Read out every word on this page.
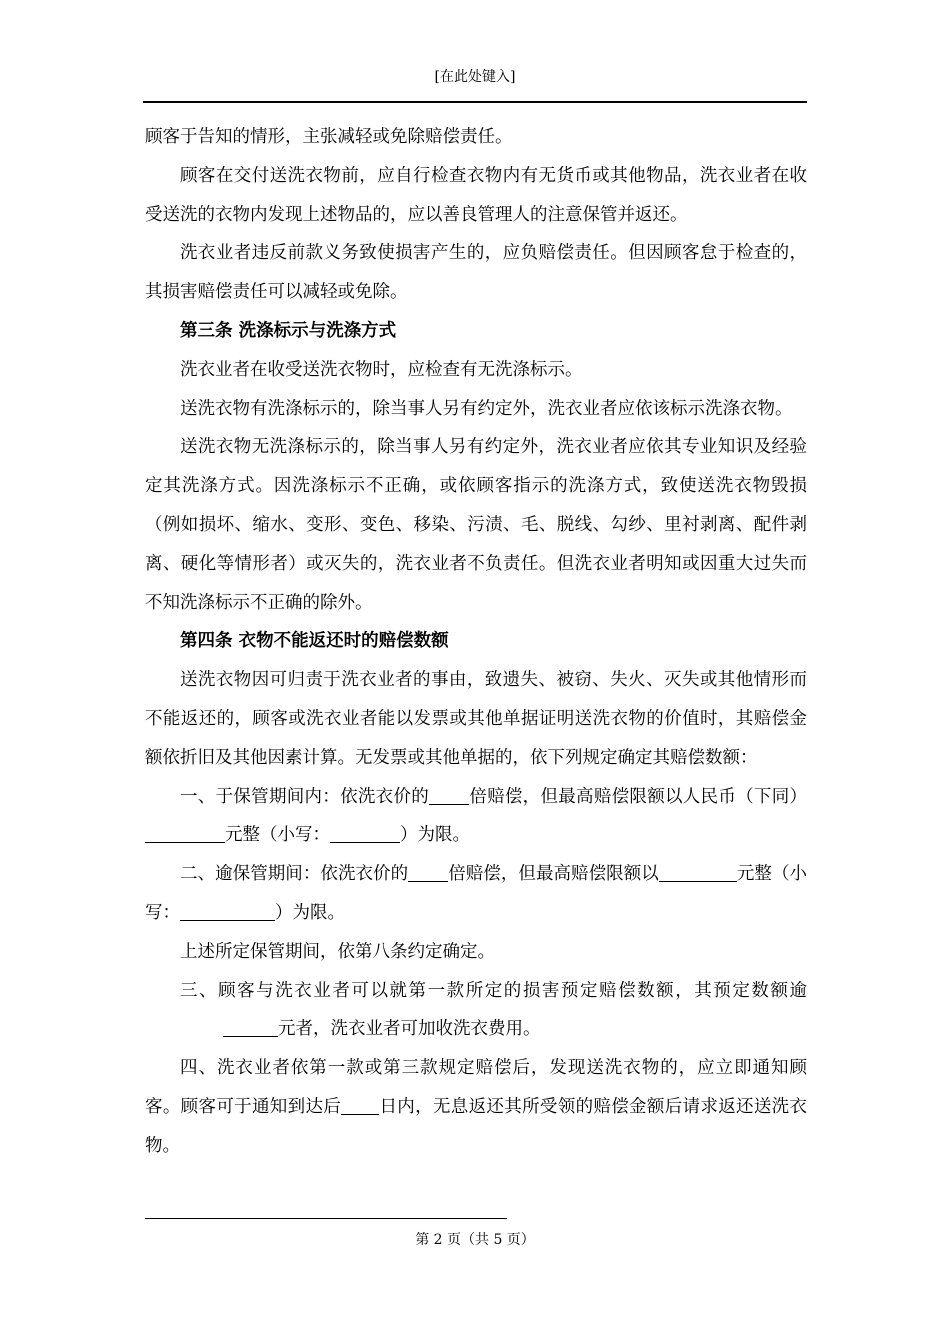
[在此处键入]

顾客于告知的情形，主张减轻或免除赔偿责任。

顾客在交付送洗衣物前，应自行检查衣物内有无货币或其他物品，洗衣业者在收受送洗的衣物内发现上述物品的，应以善良管理人的注意保管并返还。

洗衣业者违反前款义务致使损害产生的，应负赔偿责任。但因顾客怠于检查的，其损害赔偿责任可以减轻或免除。

第三条 洗涤标示与洗涤方式

洗衣业者在收受送洗衣物时，应检查有无洗涤标示。

送洗衣物有洗涤标示的，除当事人另有约定外，洗衣业者应依该标示洗涤衣物。

送洗衣物无洗涤标示的，除当事人另有约定外，洗衣业者应依其专业知识及经验定其洗涤方式。因洗涤标示不正确，或依顾客指示的洗涤方式，致使送洗衣物毁损（例如损坏、缩水、变形、变色、移染、污渍、毛、脱线、勾纱、里衬剥离、配件剥离、硬化等情形者）或灭失的，洗衣业者不负责任。但洗衣业者明知或因重大过失而不知洗涤标示不正确的除外。

第四条 衣物不能返还时的赔偿数额

送洗衣物因可归责于洗衣业者的事由，致遗失、被窃、失火、灭失或其他情形而不能返还的，顾客或洗衣业者能以发票或其他单据证明送洗衣物的价值时，其赔偿金额依折旧及其他因素计算。无发票或其他单据的，依下列规定确定其赔偿数额：

一、于保管期间内：依洗衣价的 倍赔偿，但最高赔偿限额以人民币（下同）元整（小写：	）为限。

二、逾保管期间：依洗衣价的 倍赔偿，但最高赔偿限额以	元整（小写：	）为限。

上述所定保管期间，依第八条约定确定。

三、顾客与洗衣业者可以就第一款所定的损害预定赔偿数额，其预定数额逾元者，洗衣业者可加收洗衣费用。

四、洗衣业者依第一款或第三款规定赔偿后，发现送洗衣物的，应立即通知顾客。顾客可于通知到达后 日内，无息返还其所受领的赔偿金额后请求返还送洗衣物。

第 2 页（共 5 页）
